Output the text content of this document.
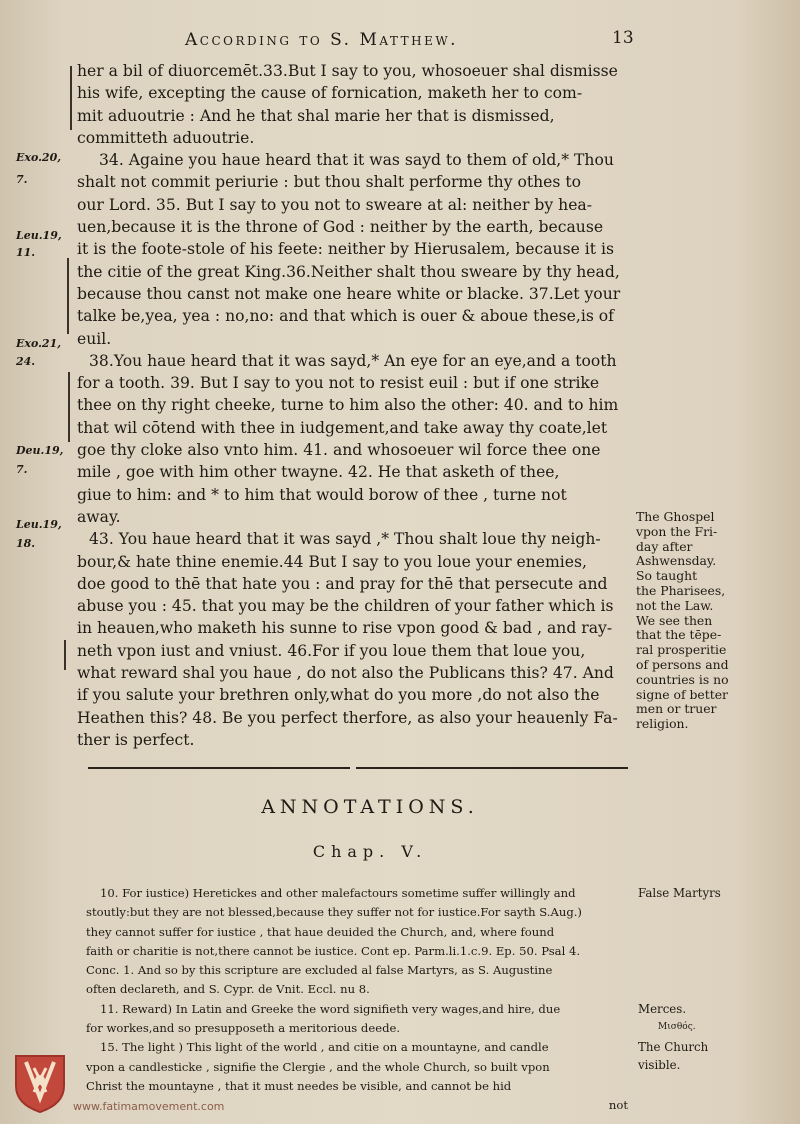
According to S. Matthew.	13
Exo.20,
7.
Leu.19,
11.
Exo.21,
24.
Deu.19,
7.
Leu.19,
18.
her a bil of diuorcemēt.33.But I say to you, whosoeuer shal dismisse
his wife, excepting the cause of fornication, maketh her to com-
mit aduoutrie : And he that shal marie her that is dismissed,
committeth aduoutrie.
34. Againe you haue heard that it was sayd to them of old,* Thou
shalt not commit periurie : but thou shalt performe thy othes to
our Lord. 35. But I say to you not to sweare at al: neither by hea-
uen,because it is the throne of God : neither by the earth, because
it is the foote-stole of his feete: neither by Hierusalem, because it is
the citie of the great King.36.Neither shalt thou sweare by thy head,
because thou canst not make one heare white or blacke. 37.Let your
talke be,yea, yea : no,no: and that which is ouer & aboue these,is of
euil.
38.You haue heard that it was sayd,* An eye for an eye,and a tooth
for a tooth. 39. But I say to you not to resist euil : but if one strike
thee on thy right cheeke, turne to him also the other: 40. and to him
that wil cōtend with thee in iudgement,and take away thy coate,let
goe thy cloke also vnto him. 41. and whosoeuer wil force thee one
mile , goe with him other twayne. 42. He that asketh of thee,
giue to him: and * to him that would borow of thee , turne not
away.
43. You haue heard that it was sayd ,* Thou shalt loue thy neigh-
bour,& hate thine enemie.44 But I say to you loue your enemies,
doe good to thē that hate you : and pray for thē that persecute and
abuse you : 45. that you may be the children of your father which is
in heauen,who maketh his sunne to rise vpon good & bad , and ray-
neth vpon iust and vniust. 46.For if you loue them that loue you,
what reward shal you haue , do not also the Publicans this? 47. And
if you salute your brethren only,what do you more ,do not also the
Heathen this? 48. Be you perfect therfore, as also your heauenly Fa-
ther is perfect.
The Ghospel
vpon the Fri-
day after
Ashwensday.
So taught
the Pharisees,
not the Law.
We see then
that the tēpe-
ral prosperitie
of persons and
countries is no
signe of better
men or truer
religion.
ANNOTATIONS.
Chap. V.
10. For iustice) Heretickes and other malefactours sometime suffer willingly and
stoutly:but they are not blessed,because they suffer not for iustice.For sayth S.Aug.)
they cannot suffer for iustice , that haue deuided the Church, and, where found
faith or charitie is not,there cannot be iustice. Cont ep. Parm.li.1.c.9. Ep. 50. Psal 4.
Conc. 1. And so by this scripture are excluded al false Martyrs, as S. Augustine
often declareth, and S. Cypr. de Vnit. Eccl. nu 8.
11. Reward) In Latin and Greeke the word signifieth very wages,and hire, due
for workes,and so presupposeth a meritorious deede.
15. The light ) This light of the world , and citie on a mountayne, and candle
vpon a candlesticke , signifie the Clergie , and the whole Church, so built vpon
Christ the mountayne , that it must needes be visible, and cannot be hid
not
False Martyrs
Merces.
Μισθός.
The Church
visible.
www.fatimamovement.com
